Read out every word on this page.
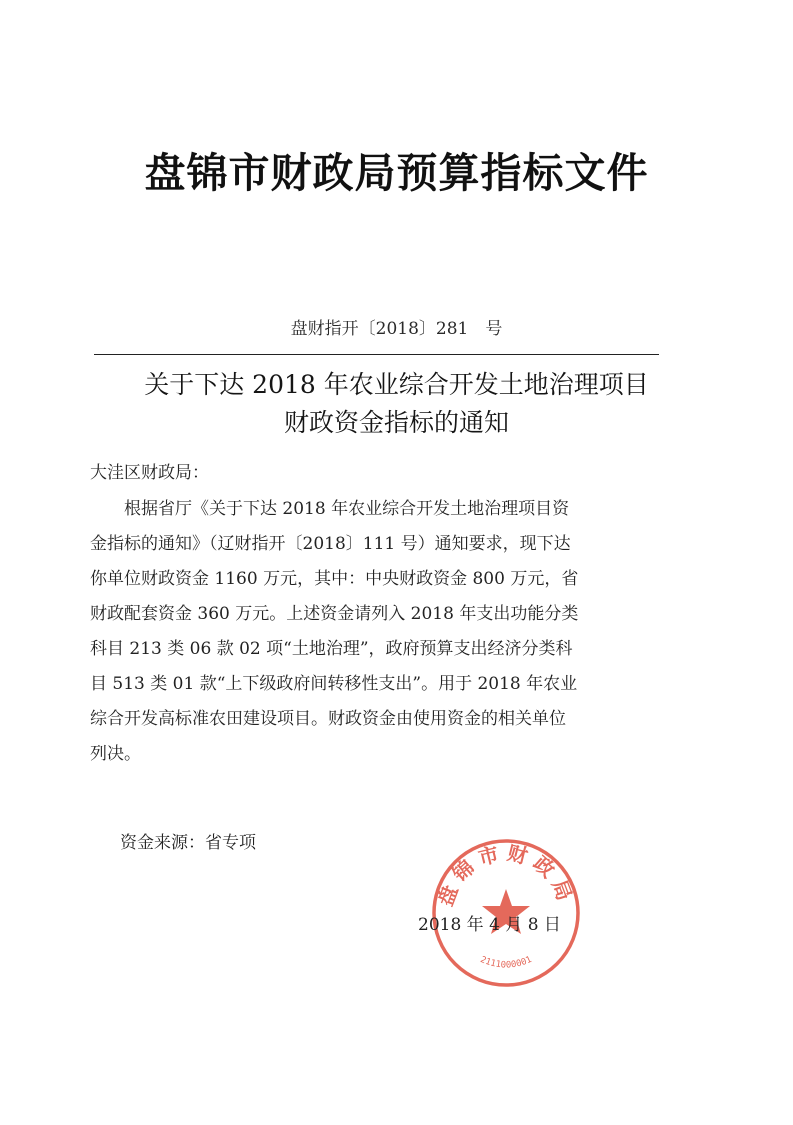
盘锦市财政局预算指标文件
盘财指开〔2018〕281　号
关于下达 2018 年农业综合开发土地治理项目
财政资金指标的通知
大洼区财政局：
　　根据省厅《关于下达 2018 年农业综合开发土地治理项目资
金指标的通知》（辽财指开〔2018〕111 号）通知要求，现下达
你单位财政资金 1160 万元，其中：中央财政资金 800 万元，省
财政配套资金 360 万元。上述资金请列入 2018 年支出功能分类
科目 213 类 06 款 02 项“土地治理”，政府预算支出经济分类科
目 513 类 01 款“上下级政府间转移性支出”。用于 2018 年农业
综合开发高标准农田建设项目。财政资金由使用资金的相关单位
列决。
资金来源：省专项
盘锦市财政局
2111000001
2018 年 4 月 8 日
